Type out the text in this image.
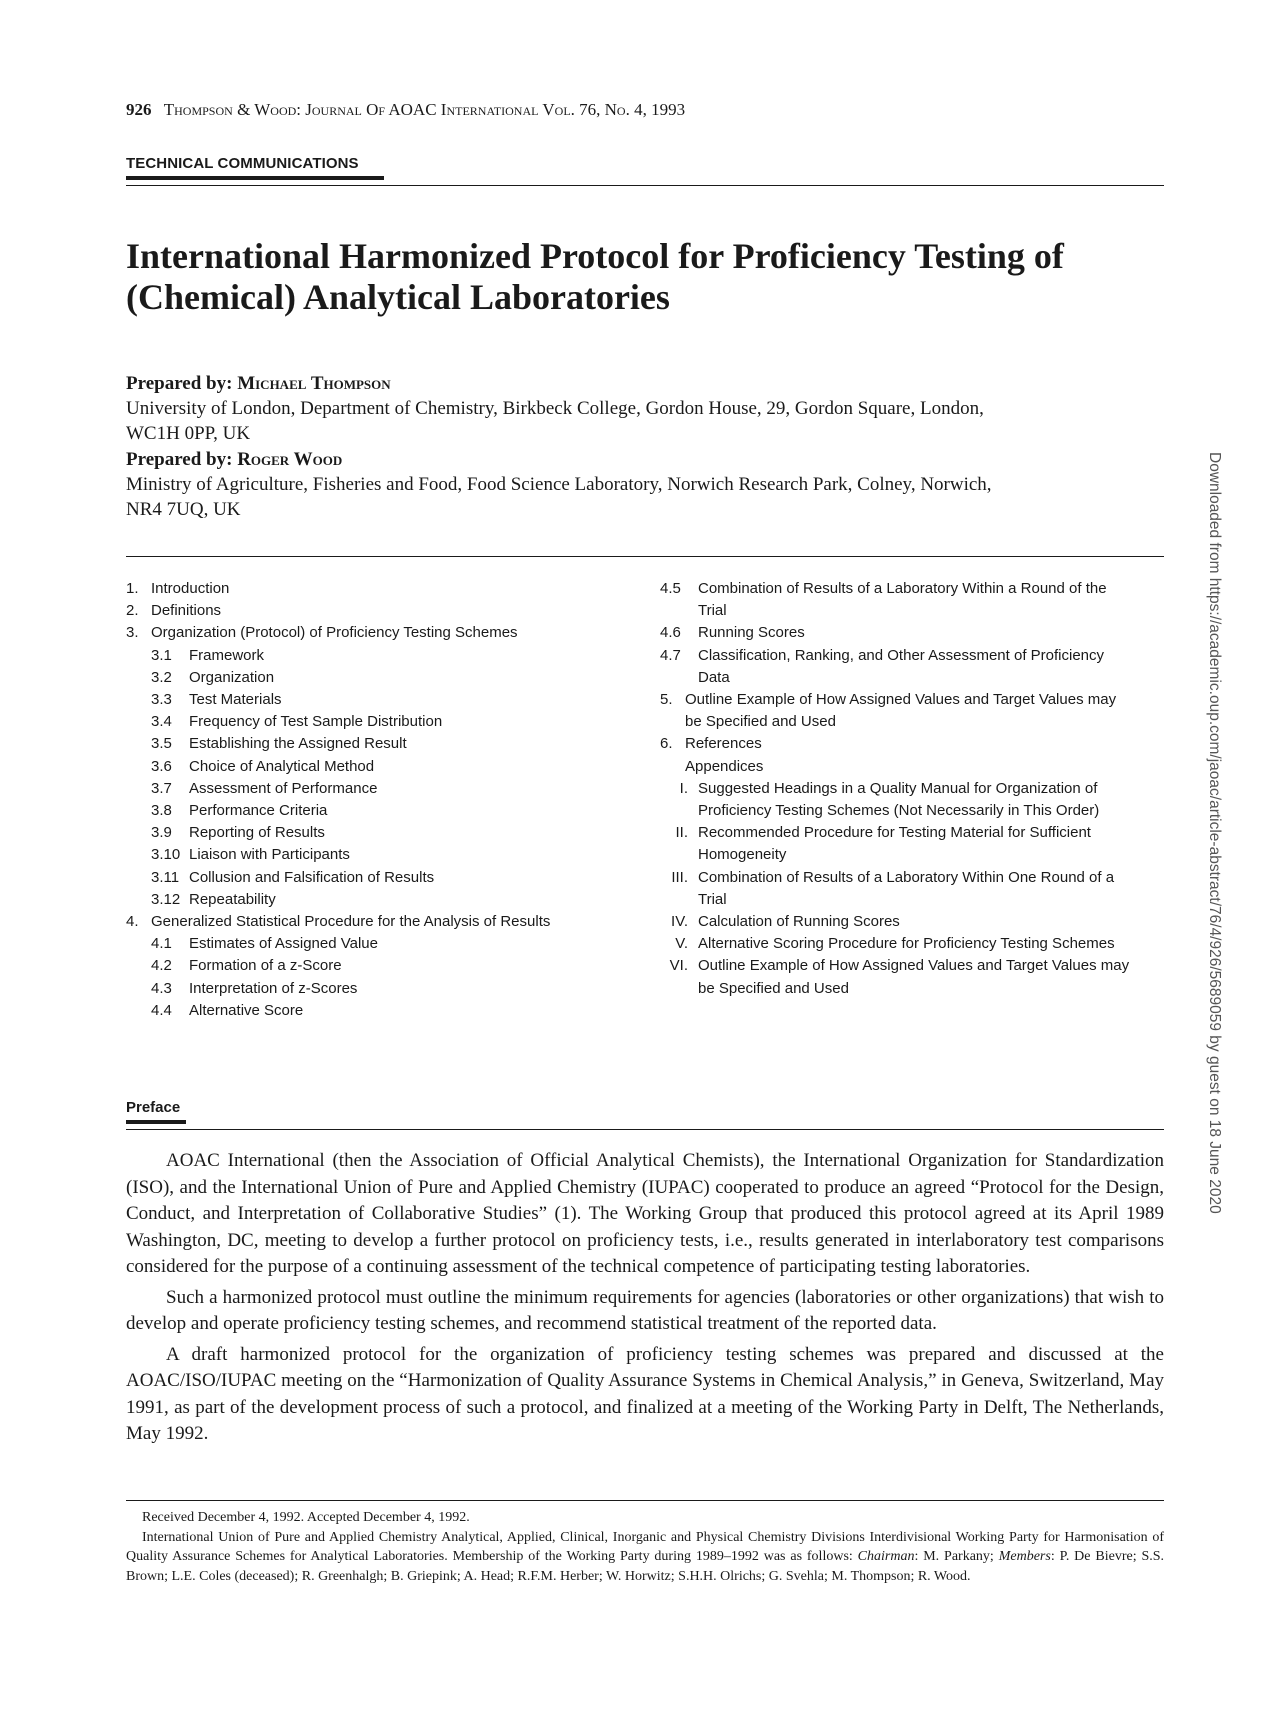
926 Thompson & Wood: Journal Of AOAC International Vol. 76, No. 4, 1993
TECHNICAL COMMUNICATIONS
International Harmonized Protocol for Proficiency Testing of (Chemical) Analytical Laboratories
Prepared by: Michael Thompson
University of London, Department of Chemistry, Birkbeck College, Gordon House, 29, Gordon Square, London, WC1H 0PP, UK
Prepared by: Roger Wood
Ministry of Agriculture, Fisheries and Food, Food Science Laboratory, Norwich Research Park, Colney, Norwich, NR4 7UQ, UK
1. Introduction
2. Definitions
3. Organization (Protocol) of Proficiency Testing Schemes
3.1	Framework
3.2	Organization
3.3	Test Materials
3.4	Frequency of Test Sample Distribution
3.5	Establishing the Assigned Result
3.6	Choice of Analytical Method
3.7	Assessment of Performance
3.8	Performance Criteria
3.9	Reporting of Results
3.10 Liaison with Participants
3.11 Collusion and Falsification of Results
3.12 Repeatability
4. Generalized Statistical Procedure for the Analysis of Results
4.1	Estimates of Assigned Value
4.2	Formation of a z-Score
4.3	Interpretation of z-Scores
4.4	Alternative Score
4.5	Combination of Results of a Laboratory Within a Round of the Trial
4.6	Running Scores
4.7	Classification, Ranking, and Other Assessment of Proficiency Data
5. Outline Example of How Assigned Values and Target Values may be Specified and Used
6. References
Appendices
I. Suggested Headings in a Quality Manual for Organization of Proficiency Testing Schemes (Not Necessarily in This Order)
II. Recommended Procedure for Testing Material for Sufficient Homogeneity
III. Combination of Results of a Laboratory Within One Round of a Trial
IV. Calculation of Running Scores
V. Alternative Scoring Procedure for Proficiency Testing Schemes
VI. Outline Example of How Assigned Values and Target Values may be Specified and Used
Preface

AOAC International (then the Association of Official Analytical Chemists), the International Organization for Standardization (ISO), and the International Union of Pure and Applied Chemistry (IUPAC) cooperated to produce an agreed “Protocol for the Design, Conduct, and Interpretation of Collaborative Studies” (1). The Working Group that produced this protocol agreed at its April 1989 Washington, DC, meeting to develop a further protocol on proficiency tests, i.e., results generated in interlaboratory test comparisons considered for the purpose of a continuing assessment of the technical competence of participating testing laboratories.

Such a harmonized protocol must outline the minimum requirements for agencies (laboratories or other organizations) that wish to develop and operate proficiency testing schemes, and recommend statistical treatment of the reported data.

A draft harmonized protocol for the organization of proficiency testing schemes was prepared and discussed at the AOAC/ISO/IUPAC meeting on the “Harmonization of Quality Assurance Systems in Chemical Analysis,” in Geneva, Switzerland, May 1991, as part of the development process of such a protocol, and finalized at a meeting of the Working Party in Delft, The Netherlands, May 1992.

Received December 4, 1992. Accepted December 4, 1992.

International Union of Pure and Applied Chemistry Analytical, Applied, Clinical, Inorganic and Physical Chemistry Divisions Interdivisional Working Party for Harmonisation of Quality Assurance Schemes for Analytical Laboratories. Membership of the Working Party during 1989–1992 was as follows: Chairman: M. Parkany; Members: P. De Bievre; S.S. Brown; L.E. Coles (deceased); R. Greenhalgh; B. Griepink; A. Head; R.F.M. Herber; W. Horwitz; S.H.H. Olrichs; G. Svehla; M. Thompson; R. Wood.

Downloaded from https://academic.oup.com/jaoac/article-abstract/76/4/926/5689059 by guest on 18 June 2020
